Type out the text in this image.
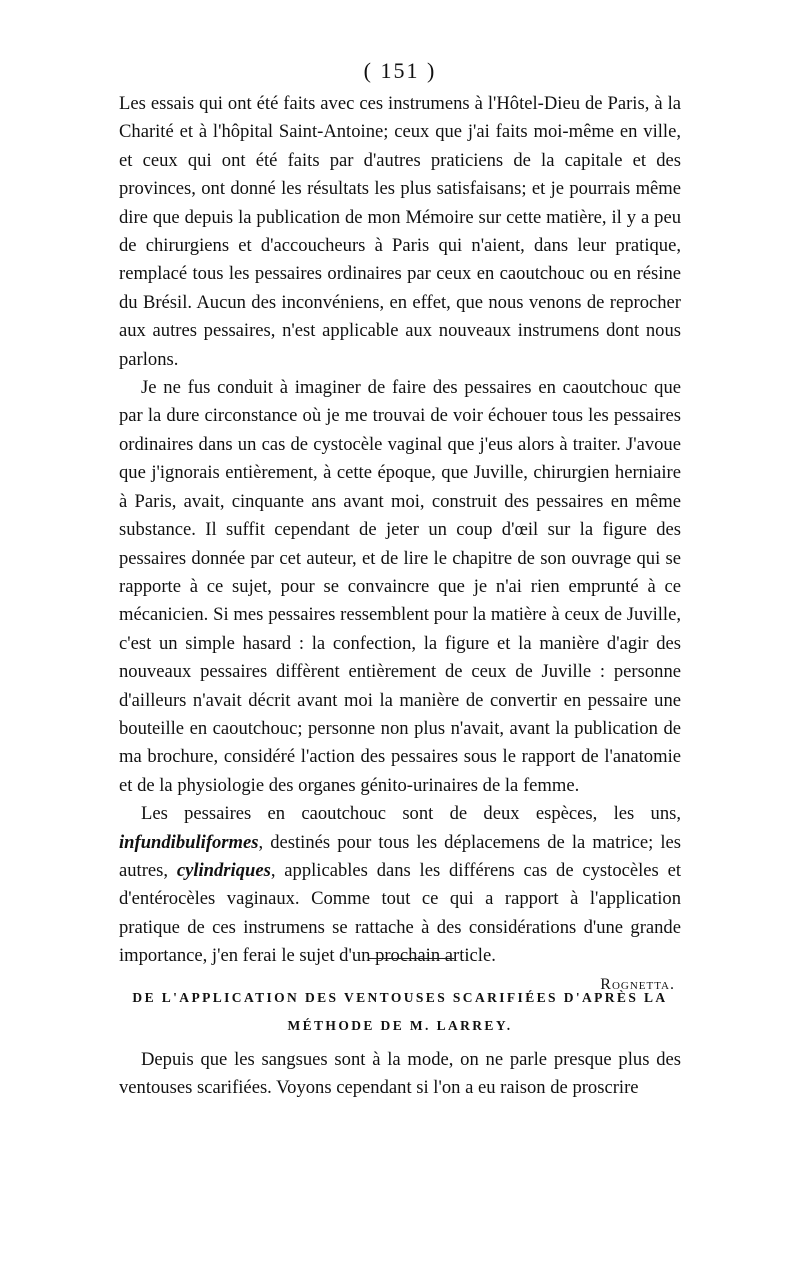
( 151 )

Les essais qui ont été faits avec ces instrumens à l'Hôtel-Dieu de Paris, à la Charité et à l'hôpital Saint-Antoine; ceux que j'ai faits moi-même en ville, et ceux qui ont été faits par d'autres praticiens de la capitale et des provinces, ont donné les résultats les plus satisfaisans; et je pourrais même dire que depuis la publication de mon Mémoire sur cette matière, il y a peu de chirurgiens et d'accoucheurs à Paris qui n'aient, dans leur pratique, remplacé tous les pessaires ordinaires par ceux en caoutchouc ou en résine du Brésil. Aucun des inconvéniens, en effet, que nous venons de reprocher aux autres pessaires, n'est applicable aux nouveaux instrumens dont nous parlons.

Je ne fus conduit à imaginer de faire des pessaires en caoutchouc que par la dure circonstance où je me trouvai de voir échouer tous les pessaires ordinaires dans un cas de cystocèle vaginal que j'eus alors à traiter. J'avoue que j'ignorais entièrement, à cette époque, que Juville, chirurgien herniaire à Paris, avait, cinquante ans avant moi, construit des pessaires en même substance. Il suffit cependant de jeter un coup d'œil sur la figure des pessaires donnée par cet auteur, et de lire le chapitre de son ouvrage qui se rapporte à ce sujet, pour se convaincre que je n'ai rien emprunté à ce mécanicien. Si mes pessaires ressemblent pour la matière à ceux de Juville, c'est un simple hasard : la confection, la figure et la manière d'agir des nouveaux pessaires diffèrent entièrement de ceux de Juville : personne d'ailleurs n'avait décrit avant moi la manière de convertir en pessaire une bouteille en caoutchouc; personne non plus n'avait, avant la publication de ma brochure, considéré l'action des pessaires sous le rapport de l'anatomie et de la physiologie des organes génito-urinaires de la femme.

Les pessaires en caoutchouc sont de deux espèces, les uns, infundibuliformes, destinés pour tous les déplacemens de la matrice; les autres, cylindriques, applicables dans les différens cas de cystocèles et d'entérocèles vaginaux. Comme tout ce qui a rapport à l'application pratique de ces instrumens se rattache à des considérations d'une grande importance, j'en ferai le sujet d'un prochain article.

Rognetta.

DE L'APPLICATION DES VENTOUSES SCARIFIÉES D'APRÈS LA
MÉTHODE DE M. LARREY.

Depuis que les sangsues sont à la mode, on ne parle presque plus des ventouses scarifiées. Voyons cependant si l'on a eu raison de proscrire
